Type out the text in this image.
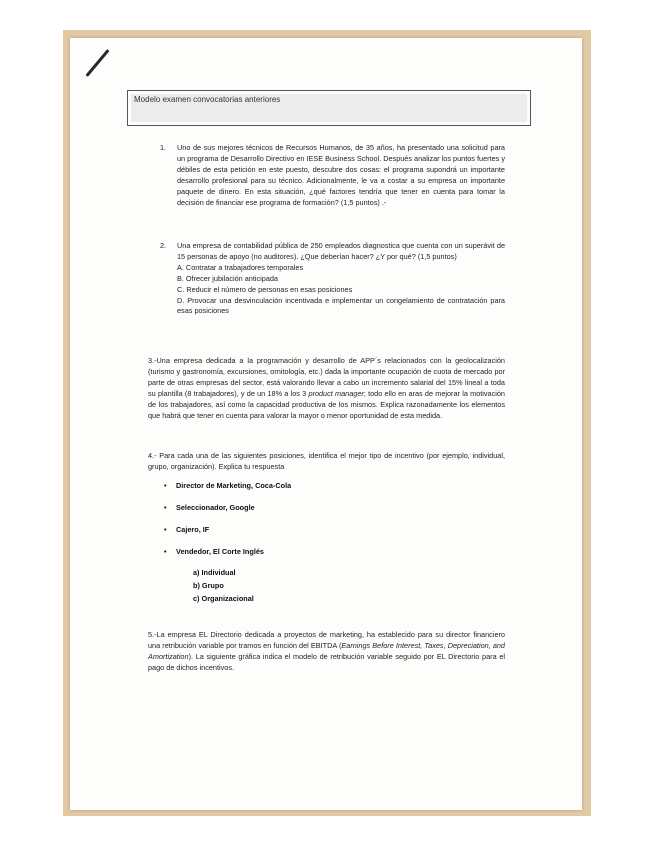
Modelo examen convocatorias anteriores
1. Uno de sus mejores técnicos de Recursos Humanos, de 35 años, ha presentado una solicitud para un programa de Desarrollo Directivo en IESE Business School. Después analizar los puntos fuertes y débiles de esta petición en este puesto, descubre dos cosas: el programa supondrá un importante desarrollo profesional para su técnico. Adicionalmente, le va a costar a su empresa un importante paquete de dinero. En esta situación, ¿qué factores tendría que tener en cuenta para tomar la decisión de financiar ese programa de formación? (1,5 puntos) .-
2. Una empresa de contabilidad pública de 250 empleados diagnostica que cuenta con un superávit de 15 personas de apoyo (no auditores). ¿Que deberían hacer? ¿Y por qué? (1,5 puntos)
A. Contratar a trabajadores temporales
B. Ofrecer jubilación anticipada
C. Reducir el número de personas en esas posiciones
D. Provocar una desvinculación incentivada e implementar un congelamiento de contratación para esas posiciones
3.-Una empresa dedicada a la programación y desarrollo de APP´s relacionados con la geolocalización (turismo y gastronomía, excursiones, ornitología, etc.) dada la importante ocupación de cuota de mercado por parte de otras empresas del sector, está valorando llevar a cabo un incremento salarial del 15% lineal a toda su plantilla (8 trabajadores), y de un 18% a los 3 product manager; todo ello en aras de mejorar la motivación de los trabajadores, así como la capacidad productiva de los mismos. Explica razonadamente los elementos que habrá que tener en cuenta para valorar la mayor o menor oportunidad de esta medida.
4.- Para cada una de las siguientes posiciones, identifica el mejor tipo de incentivo (por ejemplo, individual, grupo, organización). Explica tu respuesta
• Director de Marketing, Coca-Cola
• Seleccionador, Google
• Cajero, IF
• Vendedor, El Corte Inglés
a) Individual
b) Grupo
c) Organizacional
5.-La empresa EL Directorio dedicada a proyectos de marketing, ha establecido para su director financiero una retribución variable por tramos en función del EBITDA (Earnings Before Interest, Taxes, Depreciation, and Amortization). La siguiente gráfica indica el modelo de retribución variable seguido por EL Directorio para el pago de dichos incentivos.
